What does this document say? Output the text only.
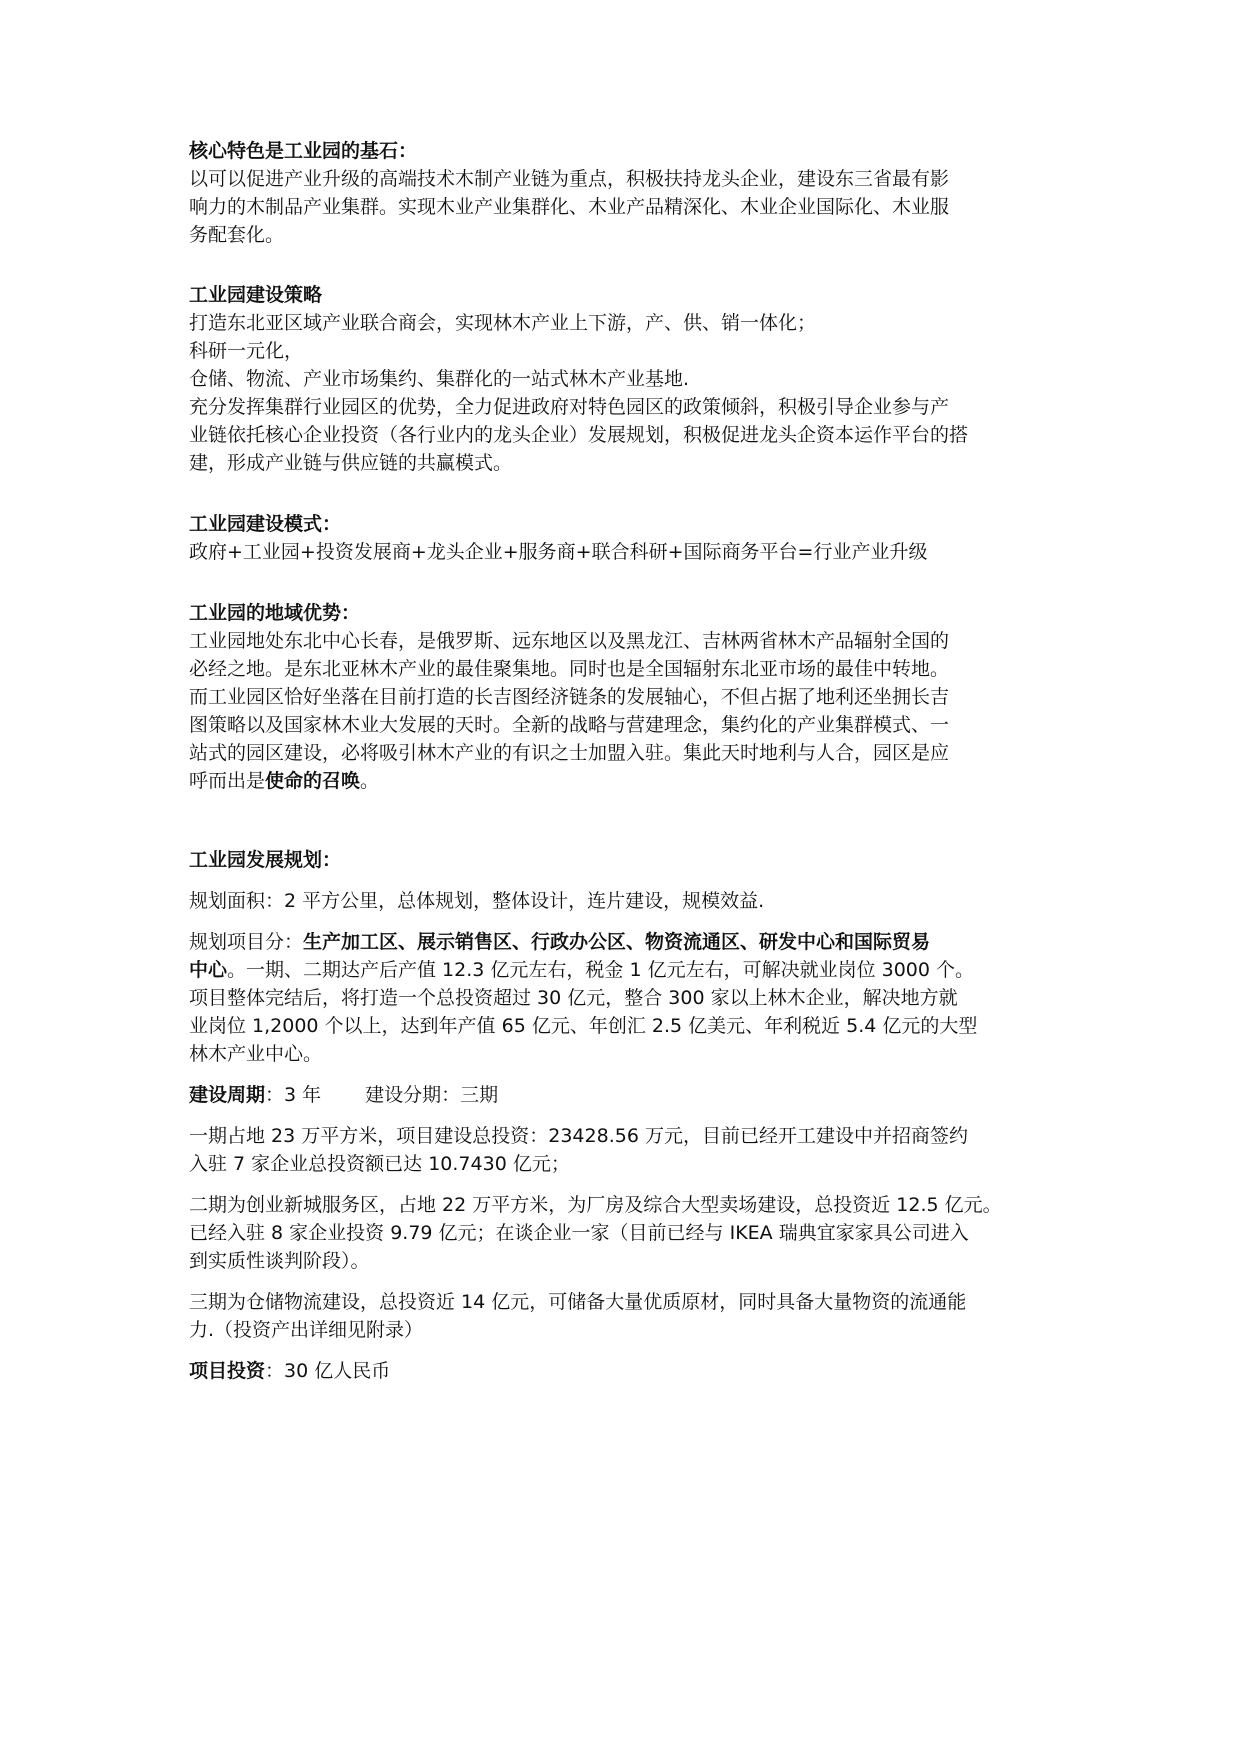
核心特色是工业园的基石：
以可以促进产业升级的高端技术木制产业链为重点，积极扶持龙头企业，建设东三省最有影
响力的木制品产业集群。实现木业产业集群化、木业产品精深化、木业企业国际化、木业服
务配套化。
工业园建设策略
打造东北亚区域产业联合商会，实现林木产业上下游，产、供、销一体化；
科研一元化，
仓储、物流、产业市场集约、集群化的一站式林木产业基地.
充分发挥集群行业园区的优势，全力促进政府对特色园区的政策倾斜，积极引导企业参与产
业链依托核心企业投资（各行业内的龙头企业）发展规划，积极促进龙头企资本运作平台的搭
建，形成产业链与供应链的共赢模式。
工业园建设模式：
政府+工业园+投资发展商+龙头企业+服务商+联合科研+国际商务平台=行业产业升级
工业园的地域优势：
工业园地处东北中心长春，是俄罗斯、远东地区以及黑龙江、吉林两省林木产品辐射全国的
必经之地。是东北亚林木产业的最佳聚集地。同时也是全国辐射东北亚市场的最佳中转地。
而工业园区恰好坐落在目前打造的长吉图经济链条的发展轴心，不但占据了地利还坐拥长吉
图策略以及国家林木业大发展的天时。全新的战略与营建理念，集约化的产业集群模式、一
站式的园区建设，必将吸引林木产业的有识之士加盟入驻。集此天时地利与人合，园区是应
呼而出是使命的召唤。
工业园发展规划：
规划面积：2 平方公里，总体规划，整体设计，连片建设，规模效益.
规划项目分：生产加工区、展示销售区、行政办公区、物资流通区、研发中心和国际贸易
中心。一期、二期达产后产值 12.3 亿元左右，税金 1 亿元左右，可解决就业岗位 3000 个。
项目整体完结后，将打造一个总投资超过 30 亿元，整合 300 家以上林木企业，解决地方就
业岗位 1,2000 个以上，达到年产值 65 亿元、年创汇 2.5 亿美元、年利税近 5.4 亿元的大型
林木产业中心。
建设周期：3 年 建设分期：三期
一期占地 23 万平方米，项目建设总投资：23428.56 万元，目前已经开工建设中并招商签约
入驻 7 家企业总投资额已达 10.7430 亿元；
二期为创业新城服务区，占地 22 万平方米，为厂房及综合大型卖场建设，总投资近 12.5 亿元。
已经入驻 8 家企业投资 9.79 亿元；在谈企业一家（目前已经与 IKEA 瑞典宜家家具公司进入
到实质性谈判阶段）。
三期为仓储物流建设，总投资近 14 亿元，可储备大量优质原材，同时具备大量物资的流通能
力.（投资产出详细见附录）
项目投资：30 亿人民币
